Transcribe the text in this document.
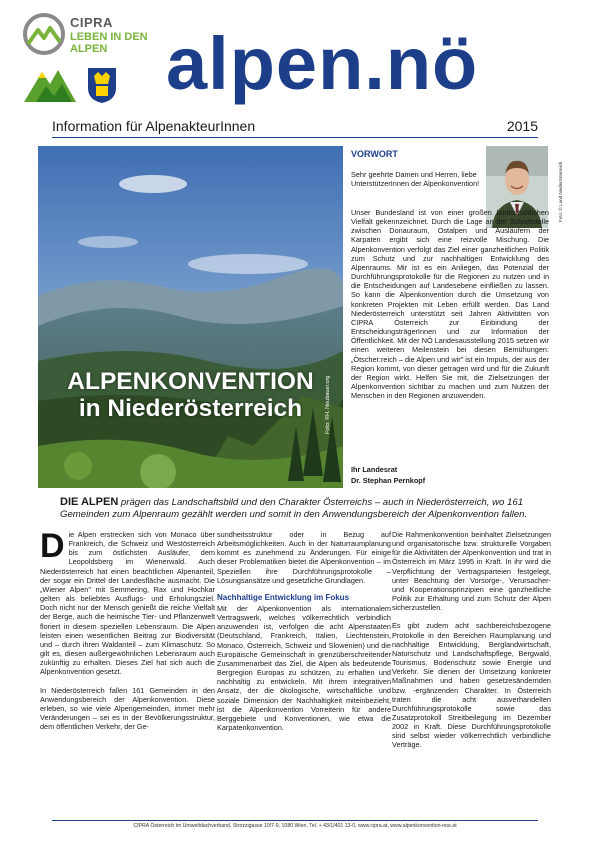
CIPRA
LEBEN IN DEN ALPEN alpen.nö
Information für AlpenakteurInnen	2015
ALPENKONVENTION
in Niederösterreich	Foto: ©H. Neubauer.org
VORWORT
Foto: © Land Niederösterreich
Sehr geehrte Damen und Herren, liebe UnterstützerInnen der Alpenkonvention!

Unser Bundesland ist von einer großen landschaftlichen Vielfalt gekennzeichnet. Durch die Lage an der Schnittstelle zwischen Donauraum, Ostalpen und Ausläufern der Karpaten ergibt sich eine reizvolle Mischung. Die Alpenkonvention verfolgt das Ziel einer ganzheitlichen Politik zum Schutz und zur nachhaltigen Entwicklung des Alpenraums. Mir ist es ein Anliegen, das Potenzial der Durchführungsprotokolle für die Regionen zu nutzen und in die Entscheidungen auf Landesebene einfließen zu lassen. So kann die Alpenkonvention durch die Umsetzung von konkreten Projekten mit Leben erfüllt werden. Das Land Niederösterreich unterstützt seit Jahren Aktivitäten von CIPRA Österreich zur Einbindung der EntscheidungsträgerInnen und zur Information der Öffentlichkeit. Mit der NÖ Landesausstellung 2015 setzen wir einen weiteren Meilenstein bei diesen Bemühungen: „Ötscher:reich – die Alpen und wir" ist ein Impuls, der aus der Region kommt, von dieser getragen wird und für die Zukunft der Region wirkt. Helfen Sie mit, die Zielsetzungen der Alpenkonvention sichtbar zu machen und zum Nutzen der Menschen in den Regionen anzuwenden.

Ihr Landesrat
Dr. Stephan Pernkopf
DIE ALPEN prägen das Landschaftsbild und den Charakter Österreichs – auch in Niederösterreich, wo 161 Gemeinden zum Alpenraum gezählt werden und somit in den Anwendungsbereich der Alpenkonvention fallen.

Die Alpen erstrecken sich von Monaco über Frankreich, die Schweiz und Westösterreich bis zum östlichsten Ausläufer, dem Leopoldsberg im Wienerwald. Auch Niederösterreich hat einen beachtlichen Alpenanteil, der sogar ein Drittel der Landesfläche ausmacht. Die „Wiener Alpen" mit Semmering, Rax und Hochkar gelten als beliebtes Ausflugs- und Erholungsziel. Doch nicht nur der Mensch genießt die reiche Vielfalt der Berge, auch die heimische Tier- und Pflanzenwelt floriert in diesem speziellen Lebensraum. Die Alpen leisten einen wesentlichen Beitrag zur Biodiversität und – durch ihren Waldanteil – zum Klimaschutz. So gilt es, diesen außergewöhnlichen Lebensraum auch zukünftig zu erhalten. Dieses Ziel hat sich auch die Alpenkonvention gesetzt.

In Niederösterreich fallen 161 Gemeinden in den Anwendungsbereich der Alpenkonvention. Diese erleben, so wie viele Alpengemeinden, immer mehr Veränderungen – sei es in der Bevölkerungsstruktur, dem öffentlichen Verkehr, der Ge-

sundheitsstruktur oder in Bezug auf Arbeitsmöglichkeiten. Auch in der Naturraumplanung kommt es zunehmend zu Änderungen. Für einige dieser Problematiken bietet die Alpenkonvention – im Speziellen ihre Durchführungsprotokolle – Lösungsansätze und gesetzliche Grundlagen.

Nachhaltige Entwicklung im Fokus

Mit der Alpenkonvention als internationalem Vertragswerk, welches völkerrechtlich verbindlich anzuwenden ist, verfolgen die acht Alpenstaaten (Deutschland, Frankreich, Italien, Liechtenstein, Monaco, Österreich, Schweiz und Slowenien) und die Europäische Gemeinschaft in grenzüberschreitender Zusammenarbeit das Ziel, die Alpen als bedeutende Bergregion Europas zu schützen, zu erhalten und nachhaltig zu entwickeln. Mit ihrem integrativen Ansatz, der die ökologische, wirtschaftliche und soziale Dimension der Nachhaltigkeit miteinbezieht, ist die Alpenkonvention Vorreiterin für andere Berggebiete und Konventionen, wie etwa die Karpatenkonvention.

Die Rahmenkonvention beinhaltet Zielsetzungen und organisatorische bzw. strukturelle Vorgaben für die Aktivitäten der Alpenkonvention und trat in Österreich im März 1995 in Kraft. In ihr wird die Verpflichtung der Vertragsparteien festgelegt, unter Beachtung der Vorsorge-, Verursacher- und Kooperationsprinzipien eine ganzheitliche Politik zur Erhaltung und zum Schutz der Alpen sicherzustellen.

Es gibt zudem acht sachbereichsbezogene Protokolle in den Bereichen Raumplanung und nachhaltige Entwicklung, Berglandwirtschaft, Naturschutz und Landschaftspflege, Bergwald, Tourismus, Bodenschutz sowie Energie und Verkehr. Sie dienen der Umsetzung konkreter Maßnahmen und haben gesetzesändernden bzw. -ergänzenden Charakter. In Österreich traten die acht ausverhandelten Durchführungsprotokolle sowie das Zusatzprotokoll Streitbeilegung im Dezember 2002 in Kraft. Diese Durchführungsprotokolle sind selbst wieder völkerrechtlich verbindliche Verträge.

CIPRA Österreich im Umweltdachverband, Strozzigasse 10/7-9, 1080 Wien, Tel. + 43/1/401 13-0, www.cipra.at, www.alpenkonvention-noe.at
